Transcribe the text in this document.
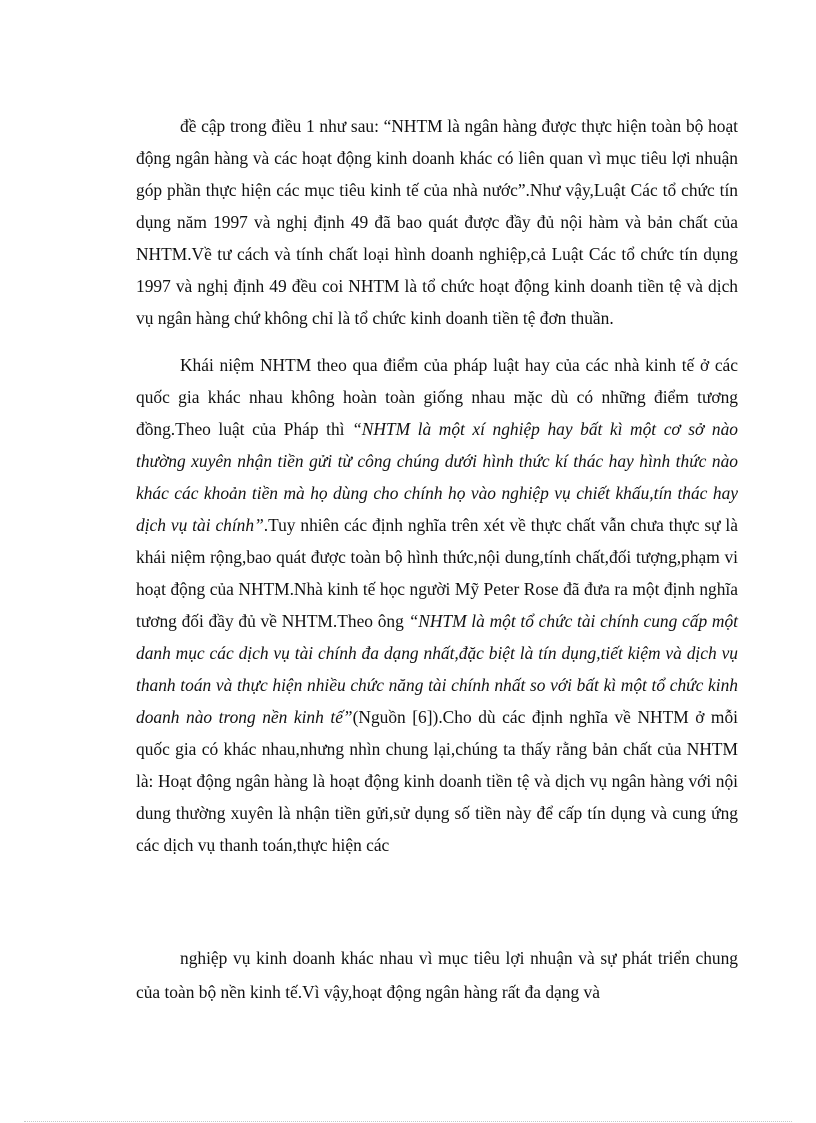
đề cập trong điều 1 như sau: “NHTM là ngân hàng được thực hiện toàn bộ hoạt động ngân hàng và các hoạt động kinh doanh khác có liên quan vì mục tiêu lợi nhuận góp phần thực hiện các mục tiêu kinh tế của nhà nước”.Như vậy,Luật Các tổ chức tín dụng năm 1997 và nghị định 49 đã bao quát được đầy đủ nội hàm và bản chất của NHTM.Về tư cách và tính chất loại hình doanh nghiệp,cả Luật Các tổ chức tín dụng 1997 và nghị định 49 đều coi NHTM là tổ chức hoạt động kinh doanh tiền tệ và dịch vụ ngân hàng chứ không chỉ là tổ chức kinh doanh tiền tệ đơn thuần.

Khái niệm NHTM theo qua điểm của pháp luật hay của các nhà kinh tế ở các quốc gia khác nhau không hoàn toàn giống nhau mặc dù có những điểm tương đồng.Theo luật của Pháp thì “NHTM là một xí nghiệp hay bất kì một cơ sở nào thường xuyên nhận tiền gửi từ công chúng dưới hình thức kí thác hay hình thức nào khác các khoản tiền mà họ dùng cho chính họ vào nghiệp vụ chiết khấu,tín thác hay dịch vụ tài chính”.Tuy nhiên các định nghĩa trên xét về thực chất vẫn chưa thực sự là khái niệm rộng,bao quát được toàn bộ hình thức,nội dung,tính chất,đối tượng,phạm vi hoạt động của NHTM.Nhà kinh tế học người Mỹ Peter Rose đã đưa ra một định nghĩa tương đối đầy đủ về NHTM.Theo ông “NHTM là một tổ chức tài chính cung cấp một danh mục các dịch vụ tài chính đa dạng nhất,đặc biệt là tín dụng,tiết kiệm và dịch vụ thanh toán và thực hiện nhiều chức năng tài chính nhất so với bất kì một tổ chức kinh doanh nào trong nền kinh tế”(Nguồn [6]).Cho dù các định nghĩa về NHTM ở mỗi quốc gia có khác nhau,nhưng nhìn chung lại,chúng ta thấy rằng bản chất của NHTM là: Hoạt động ngân hàng là hoạt động kinh doanh tiền tệ và dịch vụ ngân hàng với nội dung thường xuyên là nhận tiền gửi,sử dụng số tiền này để cấp tín dụng và cung ứng các dịch vụ thanh toán,thực hiện các

nghiệp vụ kinh doanh khác nhau vì mục tiêu lợi nhuận và sự phát triển chung của toàn bộ nền kinh tế.Vì vậy,hoạt động ngân hàng rất đa dạng và
